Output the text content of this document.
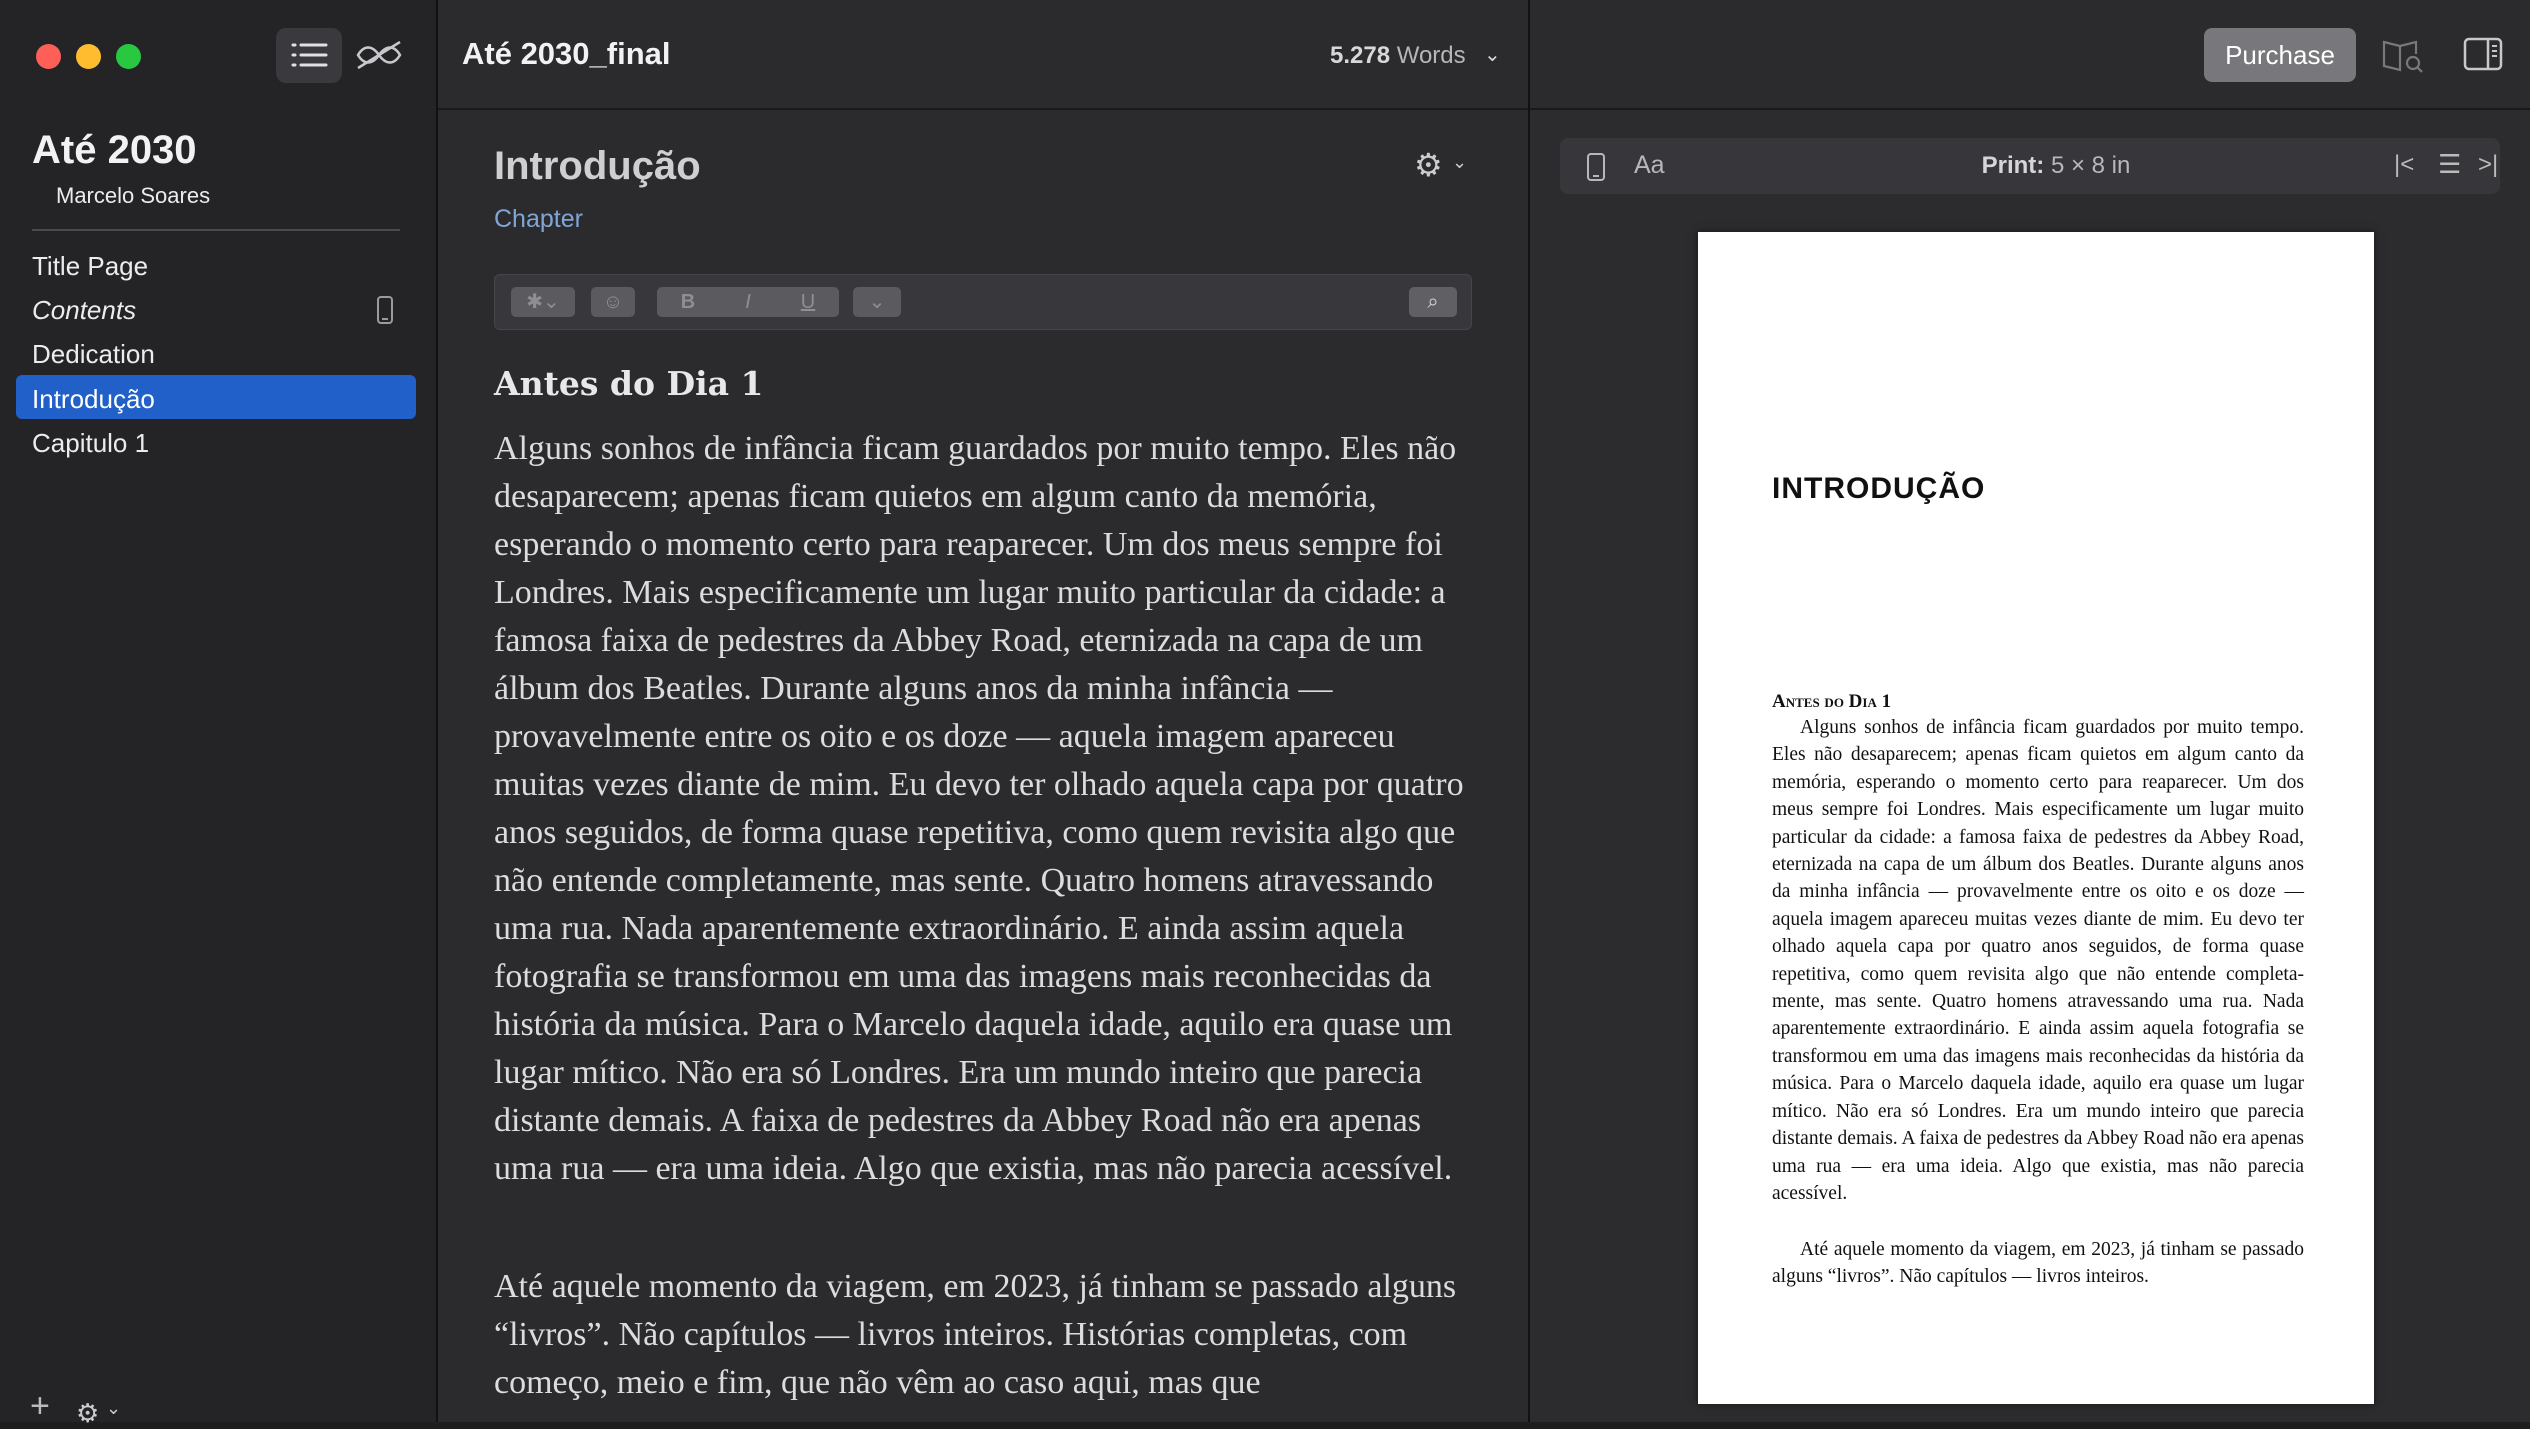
Até 2030
Marcelo Soares
Title Page
Contents
Dedication
Introdução
Capitulo 1
+ ⚙ ⌄
Até 2030_final	5.278 Words ⌄
Introdução
Chapter
⚙ ⌄
✱⌄	☺	B	I U	⌄	⌕
Antes do Dia 1
Alguns sonhos de infância ficam guardados por muito tempo. Eles não desaparecem; apenas ficam quietos em algum canto da memória, esperando o momento certo para reaparecer. Um dos meus sempre foi Londres. Mais especificamente um lugar muito particular da cidade: a famosa faixa de pedestres da Abbey Road, eternizada na capa de um álbum dos Beatles. Durante alguns anos da minha infância — provavelmente entre os oito e os doze — aquela imagem apareceu muitas vezes diante de mim. Eu devo ter olhado aquela capa por quatro anos seguidos, de forma quase repetitiva, como quem revisita algo que não entende completamente, mas sente. Quatro homens atravessando uma rua. Nada aparentemente extraordinário. E ainda assim aquela fotografia se transformou em uma das imagens mais reconhecidas da história da música. Para o Marcelo daquela idade, aquilo era quase um lugar mítico. Não era só Londres. Era um mundo inteiro que parecia distante demais. A faixa de pedestres da Abbey Road não era apenas uma rua — era uma ideia. Algo que existia, mas não parecia acessível.
Até aquele momento da viagem, em 2023, já tinham se passado alguns “livros”. Não capítulos — livros inteiros. Histórias completas, com começo, meio e fim, que não vêm ao caso aqui, mas que
Purchase
Aa	Print: 5 × 8 in	|< ☰ >|
INTRODUÇÃO
Antes do Dia 1
Alguns sonhos de infância ficam guardados por muito tempo. Eles não desaparecem; apenas ficam quietos em algum canto da memória, esperando o momento certo para reaparecer. Um dos meus sempre foi Londres. Mais especificamente um lugar muito particular da cidade: a famosa faixa de pedestres da Abbey Road, eternizada na capa de um álbum dos Beatles. Durante alguns anos da minha infância — provavelmente entre os oito e os doze — aquela imagem apareceu muitas vezes diante de mim. Eu devo ter olhado aquela capa por quatro anos seguidos, de forma quase repetitiva, como quem revisita algo que não entende completamente, mas sente. Quatro homens atravessando uma rua. Nada aparentemente extraordinário. E ainda assim aquela fotografia se transformou em uma das imagens mais reconhecidas da história da música. Para o Marcelo daquela idade, aquilo era quase um lugar mítico. Não era só Londres. Era um mundo inteiro que parecia distante demais. A faixa de pedestres da Abbey Road não era apenas uma rua — era uma ideia. Algo que existia, mas não parecia acessível.
Até aquele momento da viagem, em 2023, já tinham se passado alguns “livros”. Não capítulos — livros inteiros.
